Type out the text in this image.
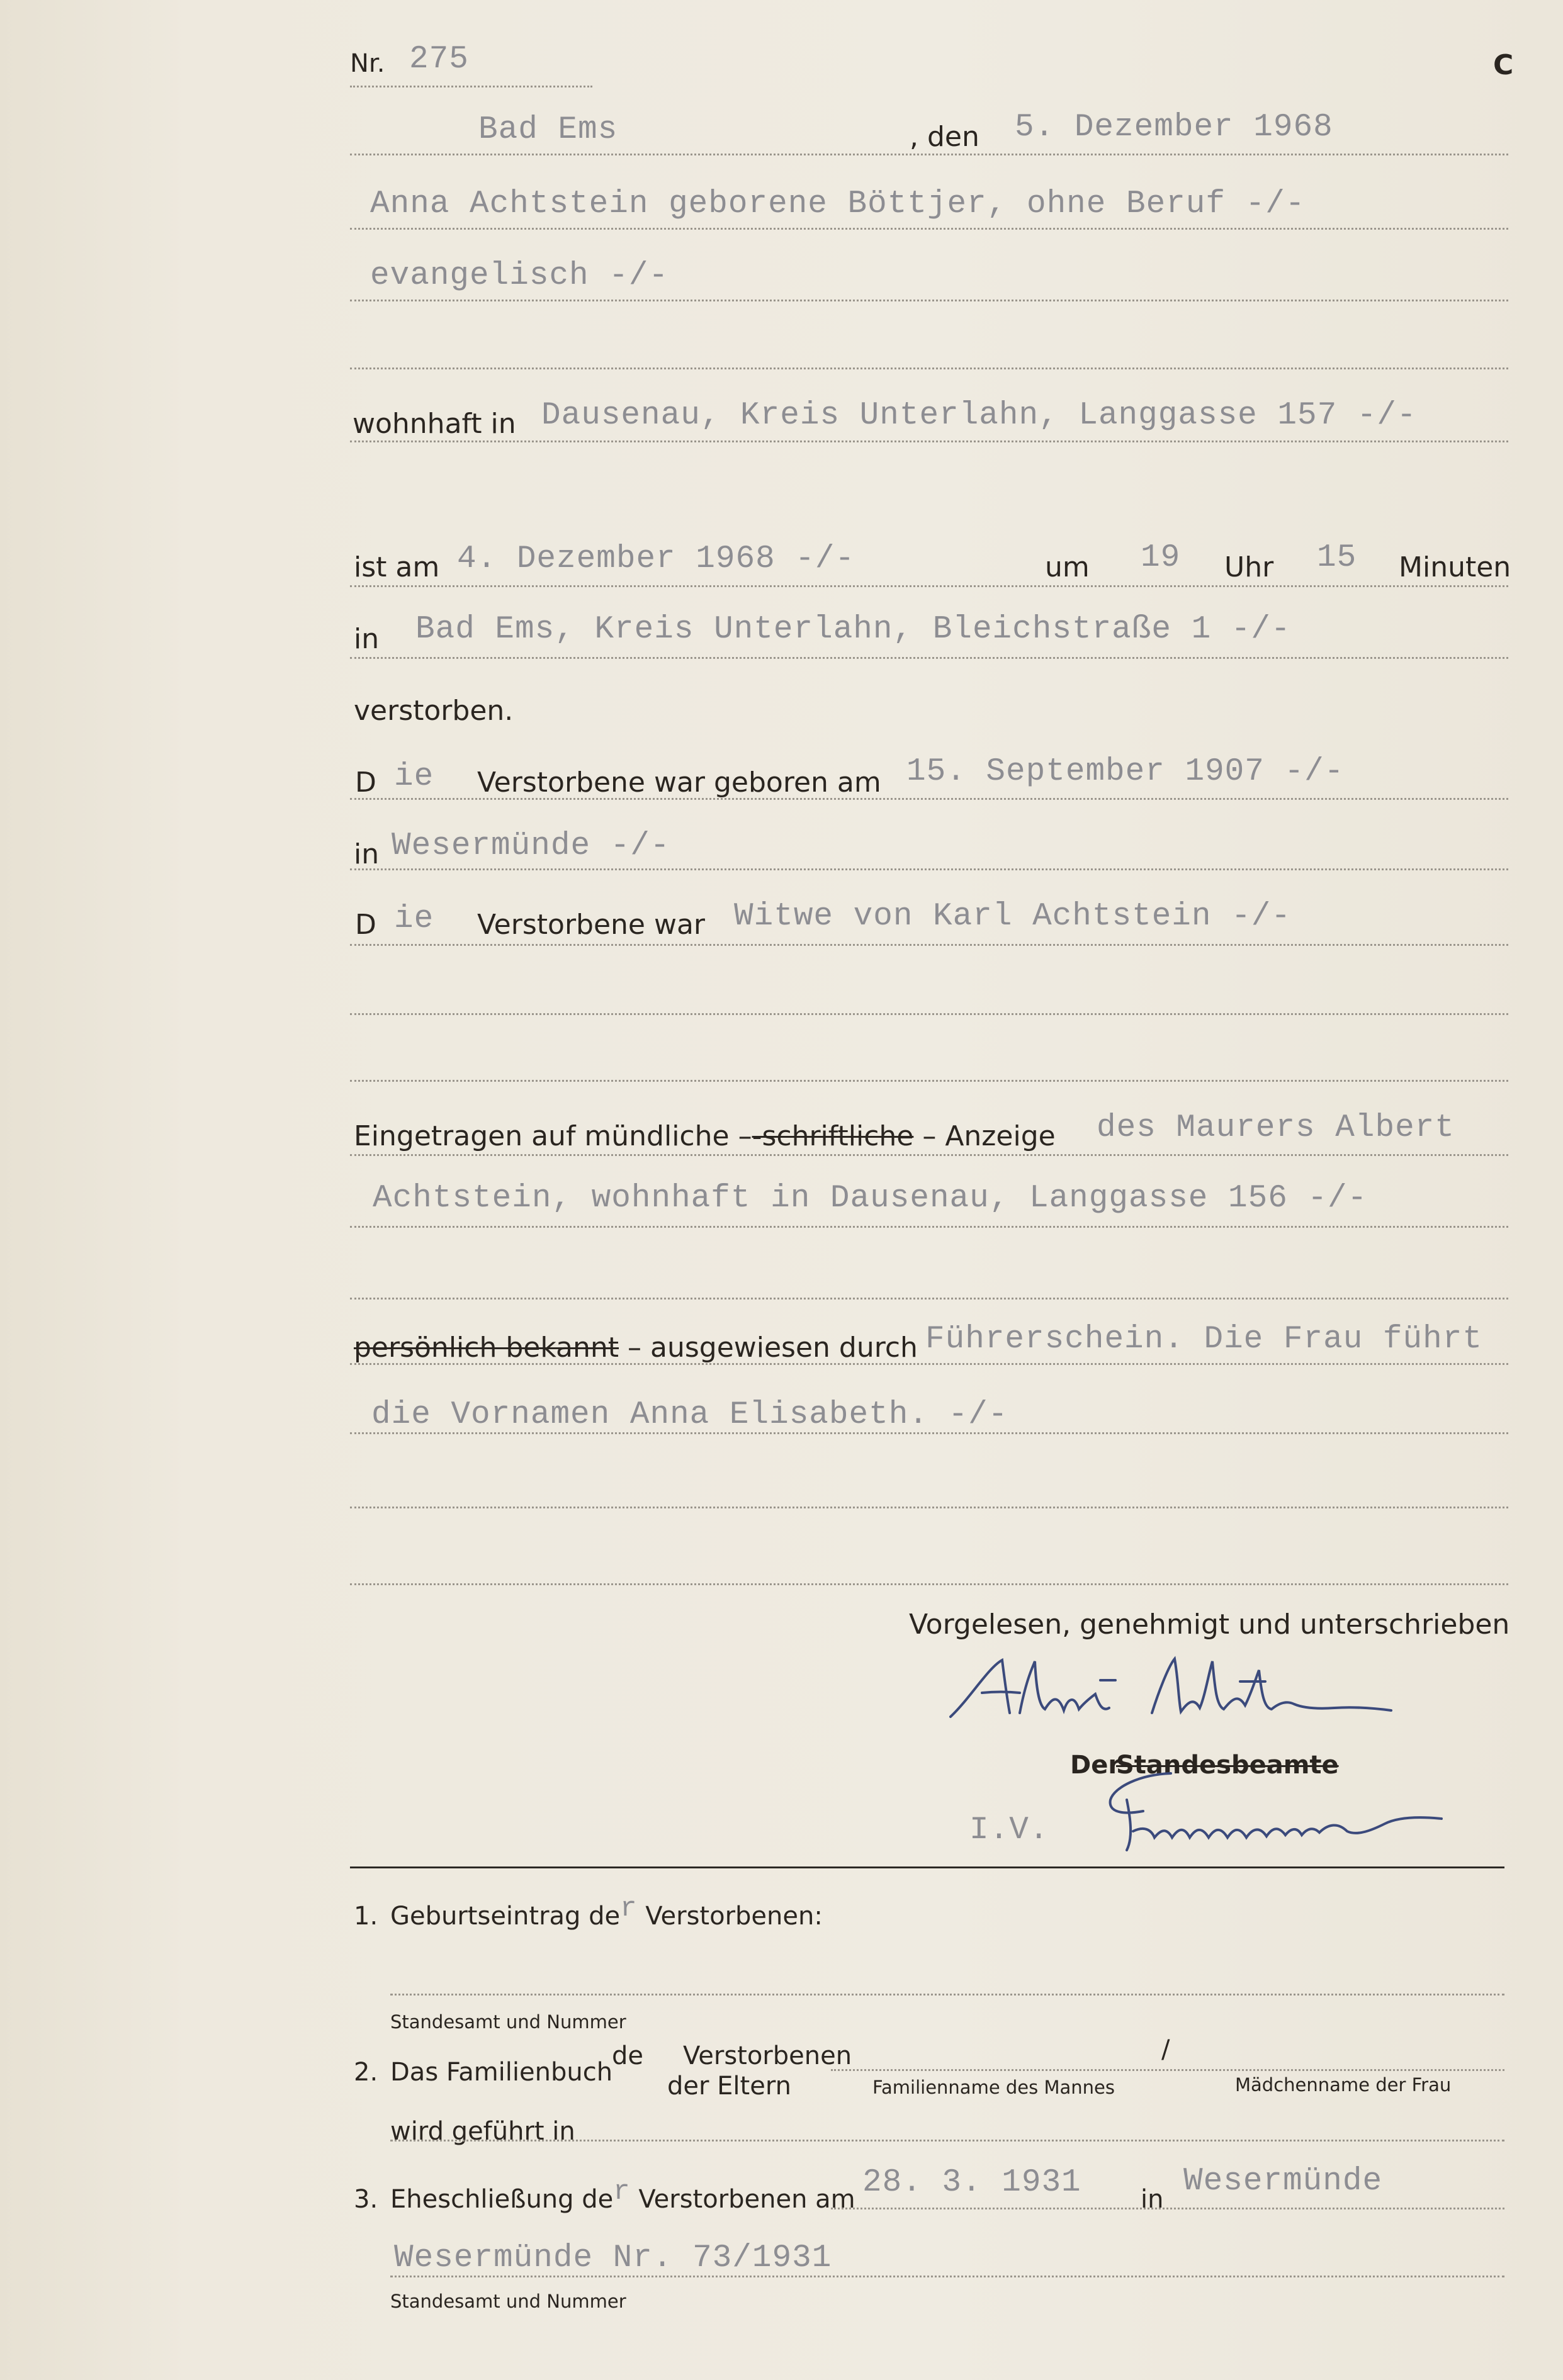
Nr. 275	C
Bad Ems	, den 5. Dezember 1968
Anna Achtstein geborene Böttjer, ohne Beruf -/-
evangelisch -/-
wohnhaft in Dausenau, Kreis Unterlahn, Langgasse 157 -/-
ist am 4. Dezember 1968 -/-	um 19 Uhr 15 Minuten
in Bad Ems, Kreis Unterlahn, Bleichstraße 1 -/-
verstorben.
D ie Verstorbene war geboren am 15. September 1907 -/-
in Wesermünde -/-
D ie Verstorbene war Witwe von Karl Achtstein -/-
Eingetragen auf mündliche –-schriftliche – Anzeige des Maurers Albert
Achtstein, wohnhaft in Dausenau, Langgasse 156 -/-
persönlich bekannt – ausgewiesen durch Führerschein. Die Frau führt
die Vornamen Anna Elisabeth. -/-
Vorgelesen, genehmigt und unterschrieben
Der
Standesbeamte
I.V.
1. Geburtseintrag der Verstorbenen:
Standesamt und Nummer
2. Das Familienbuch
de Verstorbenen
der Eltern
/
Familienname des Mannes	Mädchenname der Frau
wird geführt in
3. Eheschließung der Verstorbenen am 28. 3. 1931 in Wesermünde
Wesermünde Nr. 73/1931
Standesamt und Nummer
